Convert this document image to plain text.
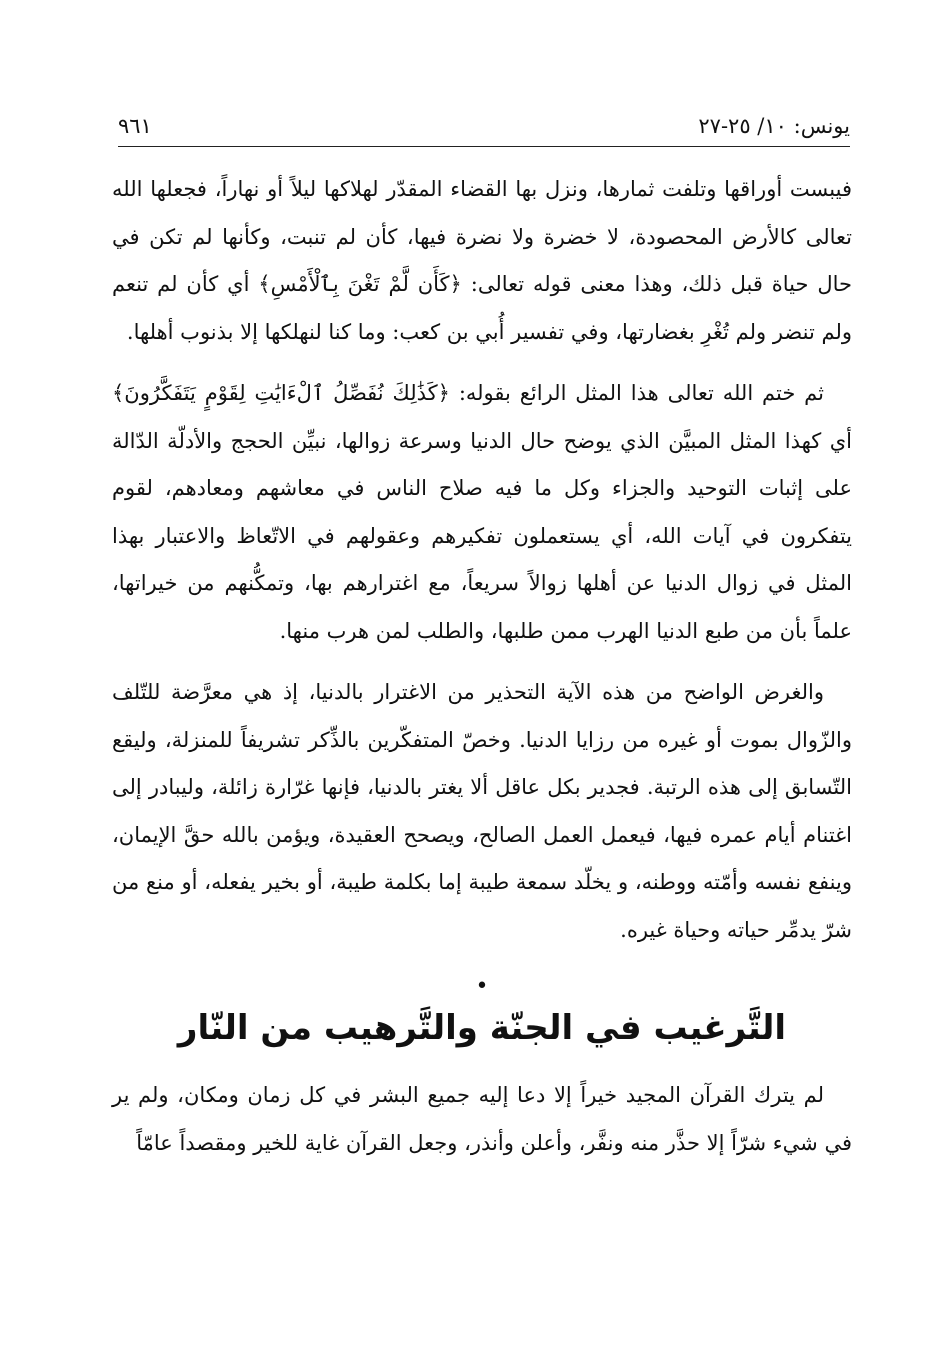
يونس: ١٠/ ٢٥-٢٧
٩٦١

فيبست أوراقها وتلفت ثمارها، ونزل بها القضاء المقدّر لهلاكها ليلاً أو نهاراً، فجعلها الله تعالى كالأرض المحصودة، لا خضرة ولا نضرة فيها، كأن لم تنبت، وكأنها لم تكن في حال حياة قبل ذلك، وهذا معنى قوله تعالى: ﴿كَأَن لَّمْ تَغْنَ بِٱلْأَمْسِ﴾ أي كأن لم تنعم ولم تنضر ولم تُغْرِ بغضارتها، وفي تفسير أُبي بن كعب: وما كنا لنهلكها إلا بذنوب أهلها.

ثم ختم الله تعالى هذا المثل الرائع بقوله: ﴿كَذَٰلِكَ نُفَصِّلُ ٱلْءَايَٰتِ لِقَوْمٍ يَتَفَكَّرُونَ﴾ أي كهذا المثل المبيَّن الذي يوضح حال الدنيا وسرعة زوالها، نبيِّن الحجج والأدلّة الدّالة على إثبات التوحيد والجزاء وكل ما فيه صلاح الناس في معاشهم ومعادهم، لقوم يتفكرون في آيات الله، أي يستعملون تفكيرهم وعقولهم في الاتّعاظ والاعتبار بهذا المثل في زوال الدنيا عن أهلها زوالاً سريعاً، مع اغترارهم بها، وتمكُّنهم من خيراتها، علماً بأن من طبع الدنيا الهرب ممن طلبها، والطلب لمن هرب منها.

والغرض الواضح من هذه الآية التحذير من الاغترار بالدنيا، إذ هي معرَّضة للتّلف والزّوال بموت أو غيره من رزايا الدنيا. وخصّ المتفكّرين بالذِّكر تشريفاً للمنزلة، وليقع التّسابق إلى هذه الرتبة. فجدير بكل عاقل ألا يغتر بالدنيا، فإنها غرّارة زائلة، وليبادر إلى اغتنام أيام عمره فيها، فيعمل العمل الصالح، ويصحح العقيدة، ويؤمن بالله حقَّ الإيمان، وينفع نفسه وأمّته ووطنه، و يخلّد سمعة طيبة إما بكلمة طيبة، أو بخير يفعله، أو منع من شرّ يدمِّر حياته وحياة غيره.

•
التَّرغيب في الجنّة والتَّرهيب من النّار

لم يترك القرآن المجيد خيراً إلا دعا إليه جميع البشر في كل زمان ومكان، ولم ير في شيء شرّاً إلا حذَّر منه ونفَّر، وأعلن وأنذر، وجعل القرآن غاية للخير ومقصداً عامّاً
